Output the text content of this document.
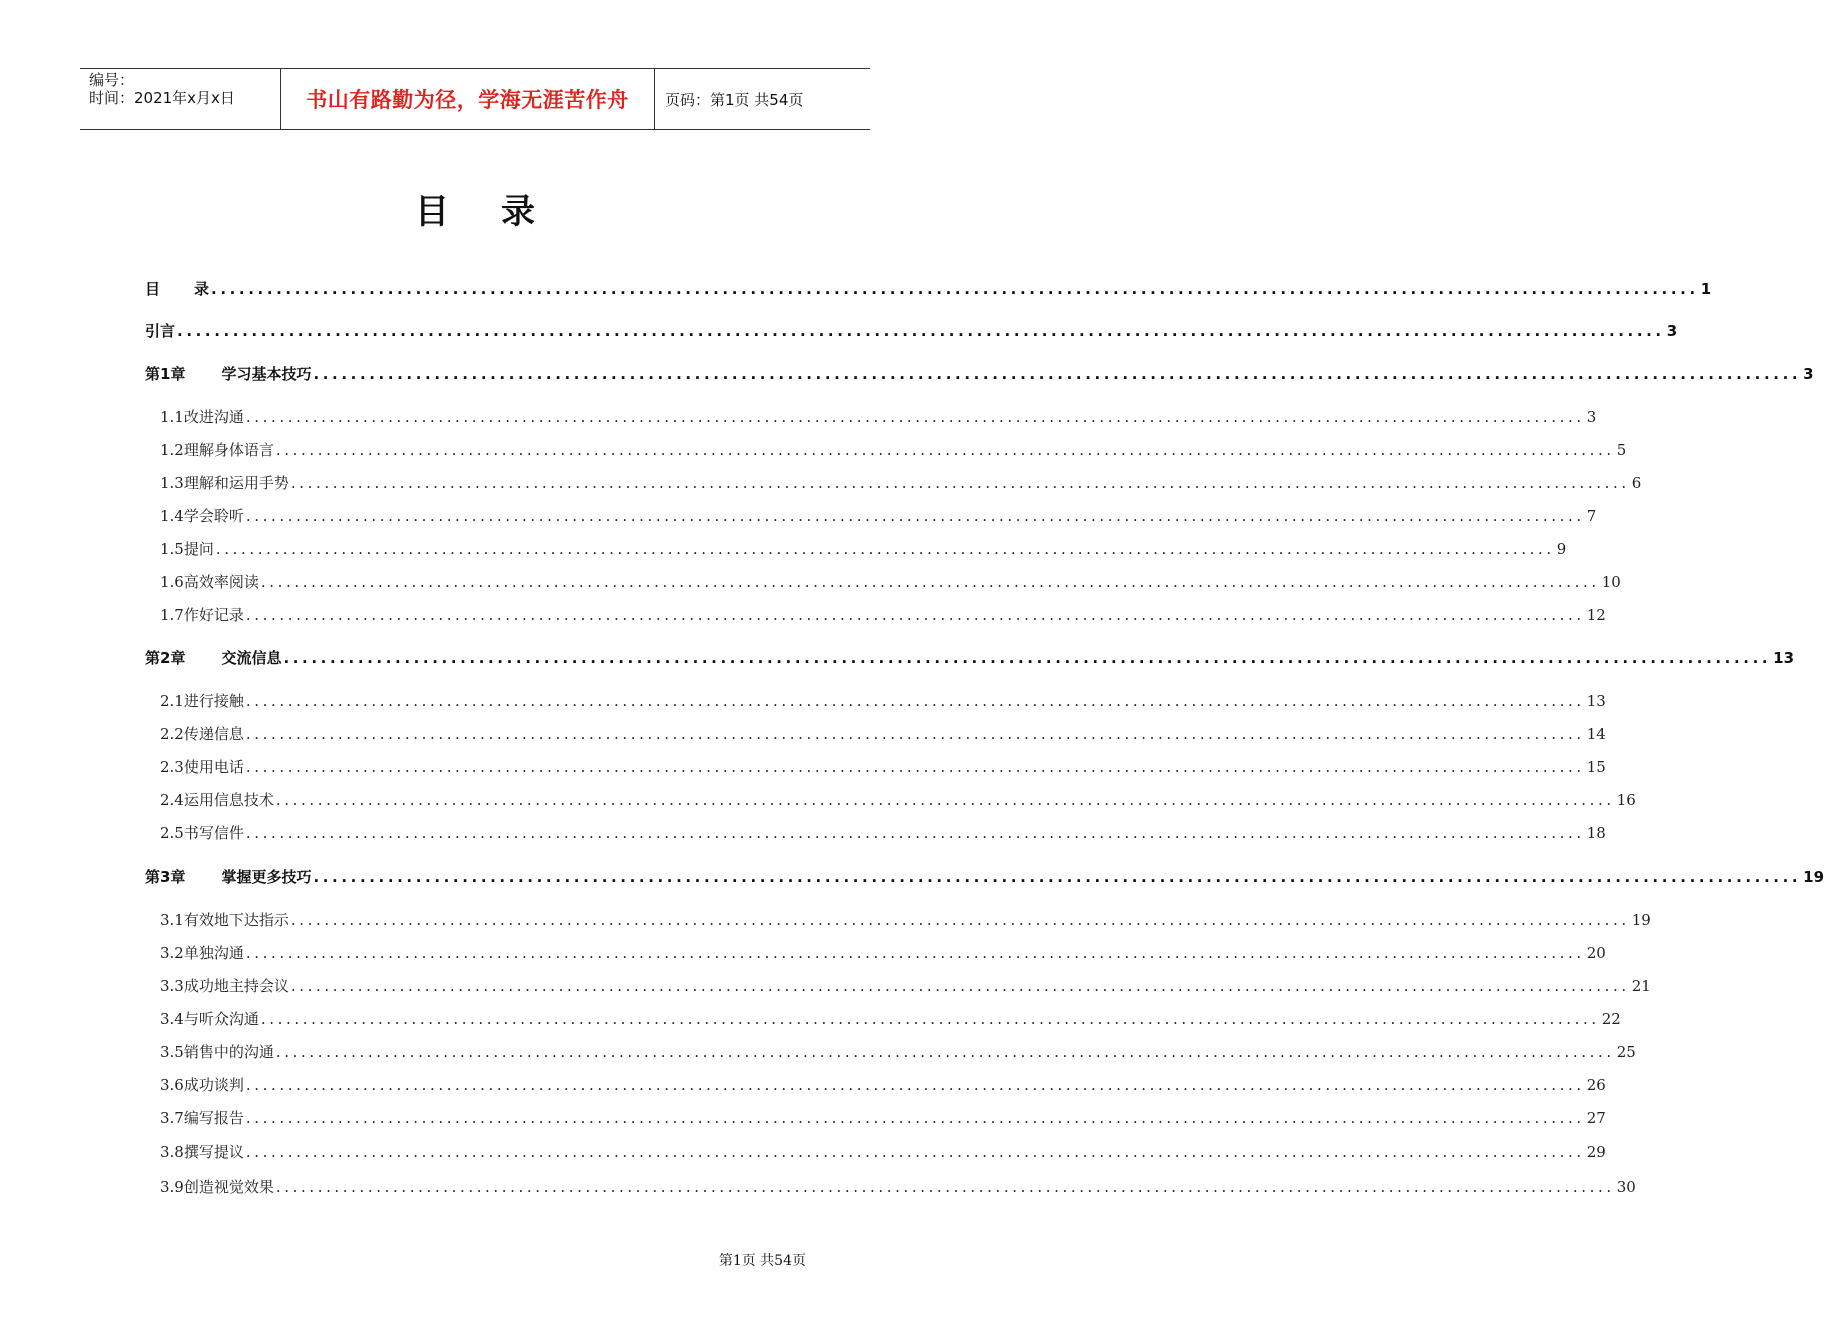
编号：
时间：2021年x月x日	书山有路勤为径，学海无涯苦作舟	页码：第1页 共54页
目录
目 录 ................................................................................................................................................................ 1
引言 ................................................................................................................................................................ 3
第1章 学习基本技巧 ................................................................................................................................................................ 3
1.1改进沟通 ................................................................................................................................................................ 3
1.2理解身体语言 ................................................................................................................................................................ 5
1.3理解和运用手势 ................................................................................................................................................................ 6
1.4学会聆听 ................................................................................................................................................................ 7
1.5提问 ................................................................................................................................................................ 9
1.6高效率阅读 ................................................................................................................................................................ 10
1.7作好记录 ................................................................................................................................................................ 12
第2章 交流信息 ................................................................................................................................................................ 13
2.1进行接触 ................................................................................................................................................................ 13
2.2传递信息 ................................................................................................................................................................ 14
2.3使用电话 ................................................................................................................................................................ 15
2.4运用信息技术 ................................................................................................................................................................ 16
2.5书写信件 ................................................................................................................................................................ 18
第3章 掌握更多技巧 ................................................................................................................................................................ 19
3.1有效地下达指示 ................................................................................................................................................................ 19
3.2单独沟通 ................................................................................................................................................................ 20
3.3成功地主持会议 ................................................................................................................................................................ 21
3.4与听众沟通 ................................................................................................................................................................ 22
3.5销售中的沟通 ................................................................................................................................................................ 25
3.6成功谈判 ................................................................................................................................................................ 26
3.7编写报告 ................................................................................................................................................................ 27
3.8撰写提议 ................................................................................................................................................................ 29
3.9创造视觉效果 ................................................................................................................................................................ 30
第1页 共54页
